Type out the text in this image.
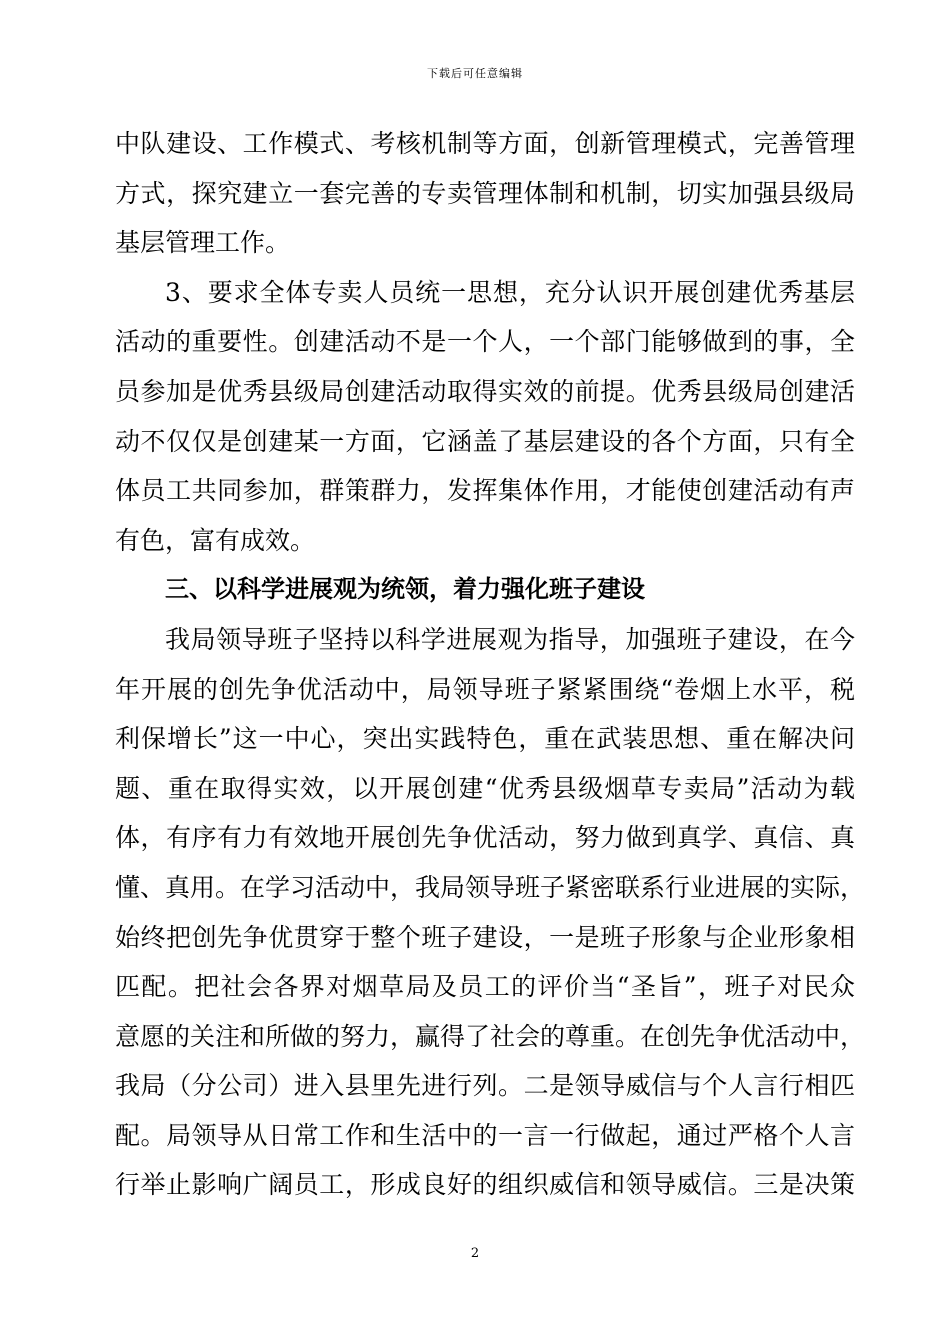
下载后可任意编辑
中队建设、工作模式、考核机制等方面，创新管理模式，完善管理
方式，探究建立一套完善的专卖管理体制和机制，切实加强县级局
基层管理工作。
3、要求全体专卖人员统一思想，充分认识开展创建优秀基层
活动的重要性。创建活动不是一个人，一个部门能够做到的事，全
员参加是优秀县级局创建活动取得实效的前提。优秀县级局创建活
动不仅仅是创建某一方面，它涵盖了基层建设的各个方面，只有全
体员工共同参加，群策群力，发挥集体作用，才能使创建活动有声
有色，富有成效。
三、以科学进展观为统领，着力强化班子建设
我局领导班子坚持以科学进展观为指导，加强班子建设，在今
年开展的创先争优活动中，局领导班子紧紧围绕“卷烟上水平，税
利保增长”这一中心，突出实践特色，重在武装思想、重在解决问
题、重在取得实效，以开展创建“优秀县级烟草专卖局”活动为载
体，有序有力有效地开展创先争优活动，努力做到真学、真信、真
懂、真用。在学习活动中，我局领导班子紧密联系行业进展的实际，
始终把创先争优贯穿于整个班子建设，一是班子形象与企业形象相
匹配。把社会各界对烟草局及员工的评价当“圣旨”，班子对民众
意愿的关注和所做的努力，赢得了社会的尊重。在创先争优活动中，
我局（分公司）进入县里先进行列。二是领导威信与个人言行相匹
配。局领导从日常工作和生活中的一言一行做起，通过严格个人言
行举止影响广阔员工，形成良好的组织威信和领导威信。三是决策
2
